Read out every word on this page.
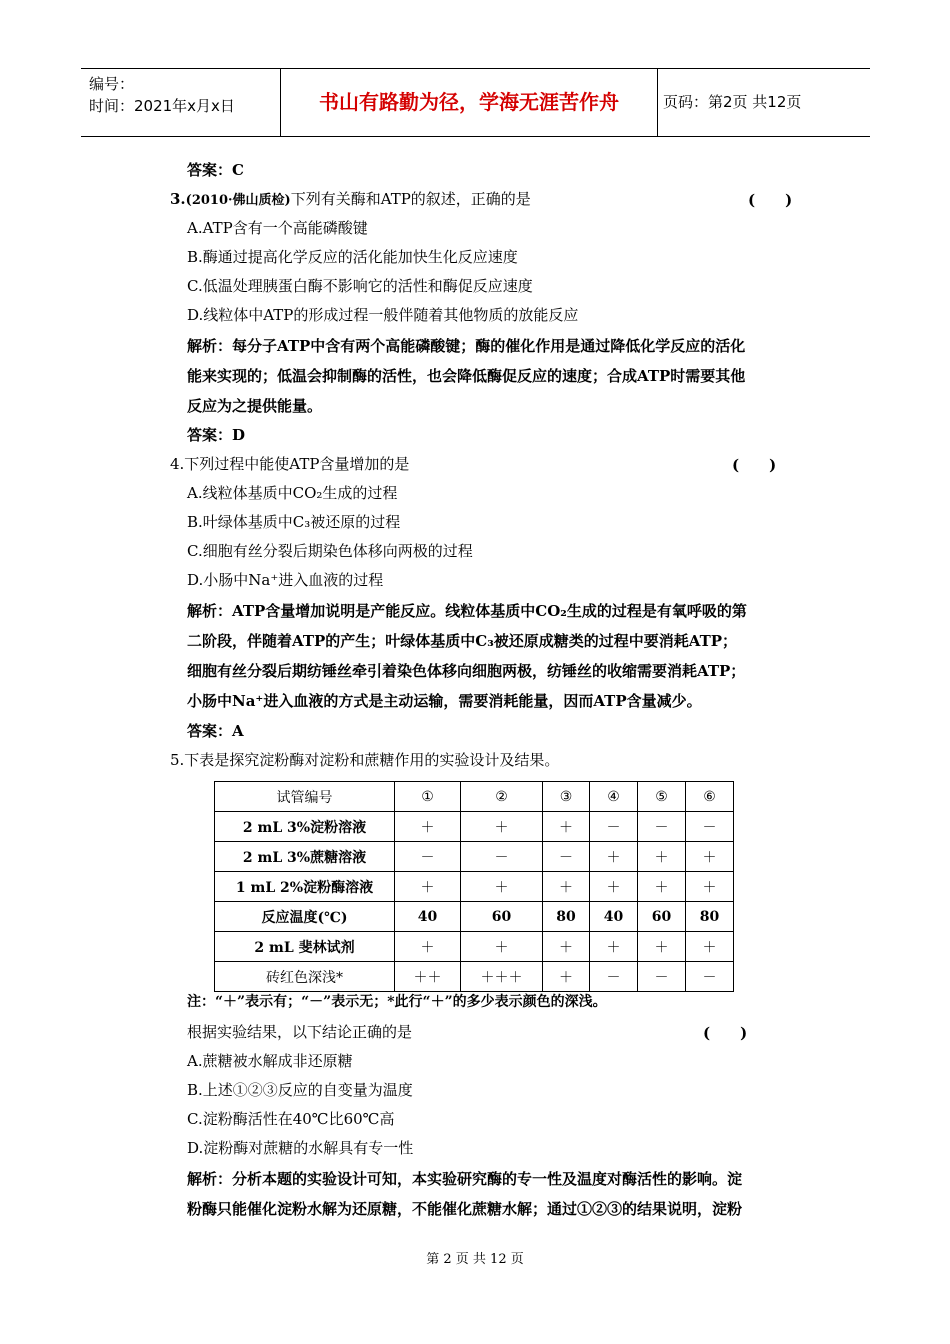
编号：
时间：2021年x月x日	书山有路勤为径，学海无涯苦作舟	页码：第2页 共12页
答案：C
3.(2010·佛山质检)下列有关酶和ATP的叙述，正确的是	(　　)
A.ATP含有一个高能磷酸键
B.酶通过提高化学反应的活化能加快生化反应速度
C.低温处理胰蛋白酶不影响它的活性和酶促反应速度
D.线粒体中ATP的形成过程一般伴随着其他物质的放能反应
解析：每分子ATP中含有两个高能磷酸键；酶的催化作用是通过降低化学反应的活化
能来实现的；低温会抑制酶的活性，也会降低酶促反应的速度；合成ATP时需要其他
反应为之提供能量。
答案：D
4.下列过程中能使ATP含量增加的是	(　　)
A.线粒体基质中CO₂生成的过程
B.叶绿体基质中C₃被还原的过程
C.细胞有丝分裂后期染色体移向两极的过程
D.小肠中Na⁺进入血液的过程
解析：ATP含量增加说明是产能反应。线粒体基质中CO₂生成的过程是有氧呼吸的第
二阶段，伴随着ATP的产生；叶绿体基质中C₃被还原成糖类的过程中要消耗ATP；
细胞有丝分裂后期纺锤丝牵引着染色体移向细胞两极，纺锤丝的收缩需要消耗ATP；
小肠中Na⁺进入血液的方式是主动运输，需要消耗能量，因而ATP含量减少。
答案：A
5.下表是探究淀粉酶对淀粉和蔗糖作用的实验设计及结果。
试管编号	①	②	③	④	⑤	⑥
2 mL 3%淀粉溶液	＋	＋	＋	－	－	－
2 mL 3%蔗糖溶液	－	－	－	＋	＋	＋
1 mL 2%淀粉酶溶液	＋	＋	＋	＋	＋	＋
反应温度(℃)	40	60	80	40	60	80
2 mL 斐林试剂	＋	＋	＋	＋	＋	＋
砖红色深浅*	＋＋	＋＋＋	＋	－	－	－
注：“＋”表示有；“－”表示无；*此行“＋”的多少表示颜色的深浅。
根据实验结果，以下结论正确的是	(　　)
A.蔗糖被水解成非还原糖
B.上述①②③反应的自变量为温度
C.淀粉酶活性在40℃比60℃高
D.淀粉酶对蔗糖的水解具有专一性
解析：分析本题的实验设计可知，本实验研究酶的专一性及温度对酶活性的影响。淀
粉酶只能催化淀粉水解为还原糖，不能催化蔗糖水解；通过①②③的结果说明，淀粉
第 2 页 共 12 页
